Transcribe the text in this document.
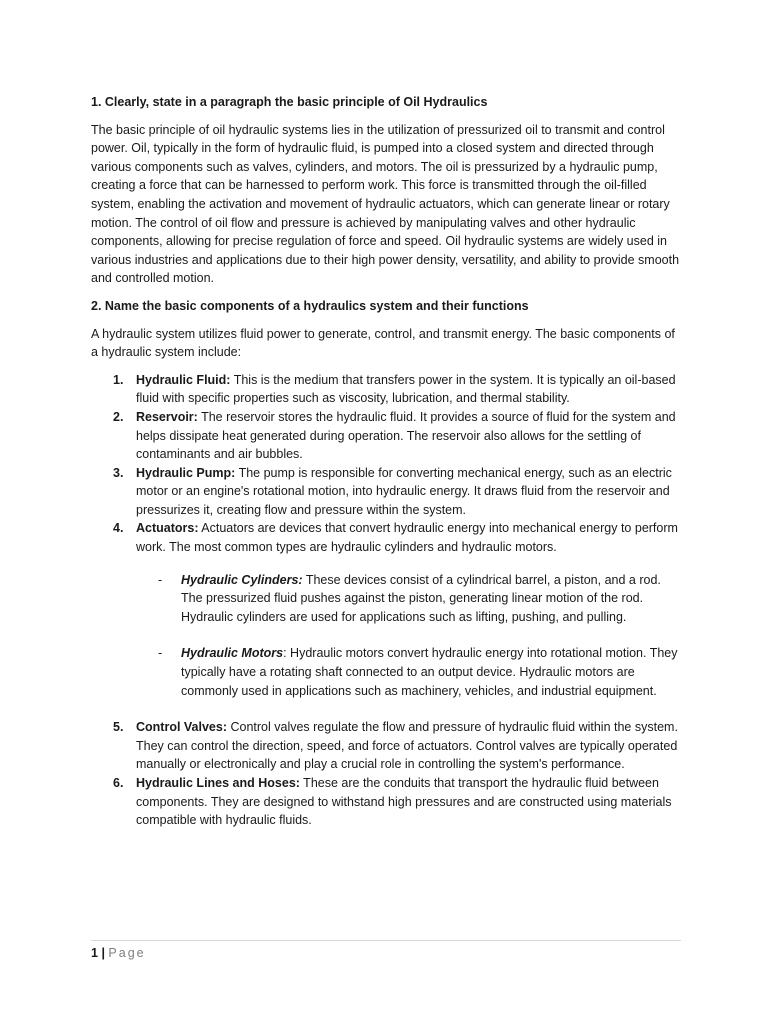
1. Clearly, state in a paragraph the basic principle of Oil Hydraulics

The basic principle of oil hydraulic systems lies in the utilization of pressurized oil to transmit and control power. Oil, typically in the form of hydraulic fluid, is pumped into a closed system and directed through various components such as valves, cylinders, and motors. The oil is pressurized by a hydraulic pump, creating a force that can be harnessed to perform work. This force is transmitted through the oil-filled system, enabling the activation and movement of hydraulic actuators, which can generate linear or rotary motion. The control of oil flow and pressure is achieved by manipulating valves and other hydraulic components, allowing for precise regulation of force and speed. Oil hydraulic systems are widely used in various industries and applications due to their high power density, versatility, and ability to provide smooth and controlled motion.

2. Name the basic components of a hydraulics system and their functions

A hydraulic system utilizes fluid power to generate, control, and transmit energy. The basic components of a hydraulic system include:

1. Hydraulic Fluid: This is the medium that transfers power in the system. It is typically an oil-based fluid with specific properties such as viscosity, lubrication, and thermal stability.
2. Reservoir: The reservoir stores the hydraulic fluid. It provides a source of fluid for the system and helps dissipate heat generated during operation. The reservoir also allows for the settling of contaminants and air bubbles.
3. Hydraulic Pump: The pump is responsible for converting mechanical energy, such as an electric motor or an engine's rotational motion, into hydraulic energy. It draws fluid from the reservoir and pressurizes it, creating flow and pressure within the system.
4. Actuators: Actuators are devices that convert hydraulic energy into mechanical energy to perform work. The most common types are hydraulic cylinders and hydraulic motors.
- Hydraulic Cylinders: These devices consist of a cylindrical barrel, a piston, and a rod. The pressurized fluid pushes against the piston, generating linear motion of the rod. Hydraulic cylinders are used for applications such as lifting, pushing, and pulling.
- Hydraulic Motors: Hydraulic motors convert hydraulic energy into rotational motion. They typically have a rotating shaft connected to an output device. Hydraulic motors are commonly used in applications such as machinery, vehicles, and industrial equipment.
5. Control Valves: Control valves regulate the flow and pressure of hydraulic fluid within the system. They can control the direction, speed, and force of actuators. Control valves are typically operated manually or electronically and play a crucial role in controlling the system's performance.
6. Hydraulic Lines and Hoses: These are the conduits that transport the hydraulic fluid between components. They are designed to withstand high pressures and are constructed using materials compatible with hydraulic fluids.
1 | Page
